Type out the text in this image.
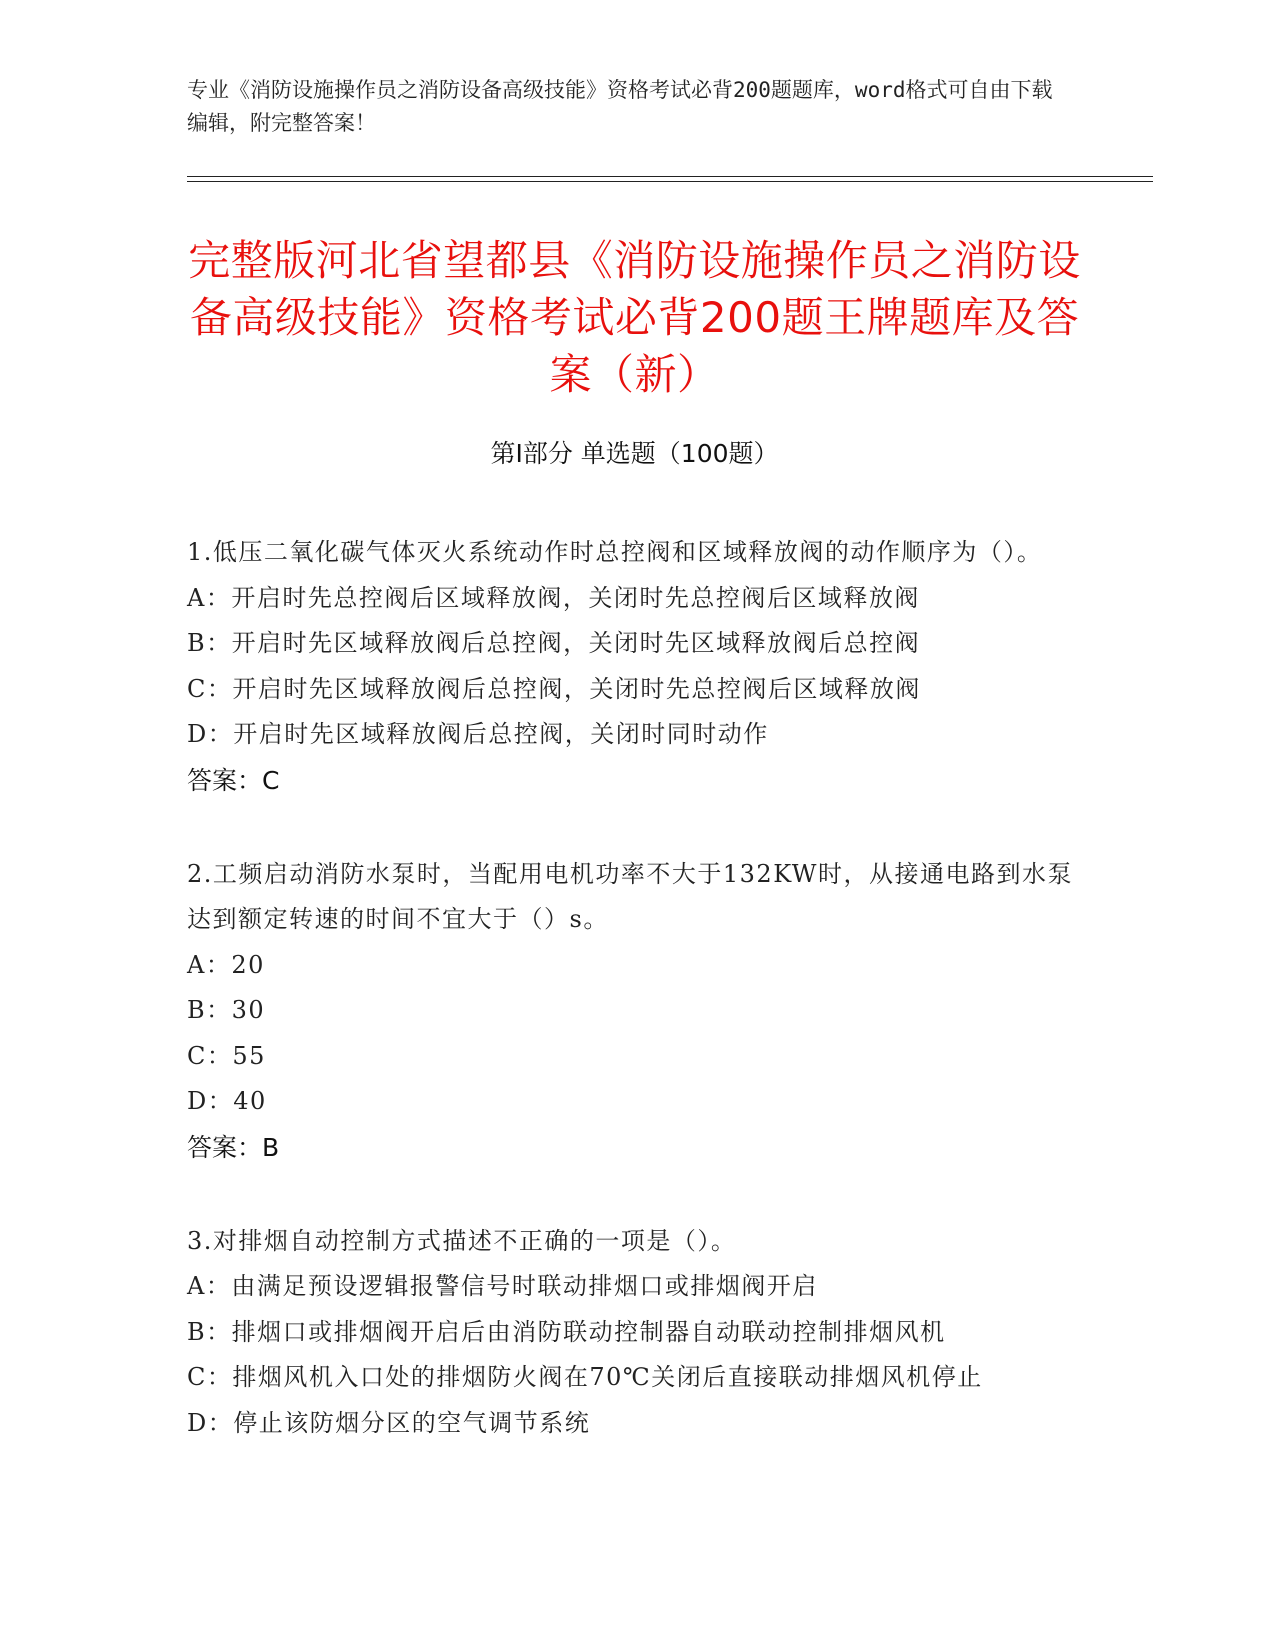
专业《消防设施操作员之消防设备高级技能》资格考试必背200题题库，word格式可自由下载编辑，附完整答案！
完整版河北省望都县《消防设施操作员之消防设备高级技能》资格考试必背200题王牌题库及答案（新）
第I部分 单选题（100题）
1.低压二氧化碳气体灭火系统动作时总控阀和区域释放阀的动作顺序为（）。
A：开启时先总控阀后区域释放阀，关闭时先总控阀后区域释放阀
B：开启时先区域释放阀后总控阀，关闭时先区域释放阀后总控阀
C：开启时先区域释放阀后总控阀，关闭时先总控阀后区域释放阀
D：开启时先区域释放阀后总控阀，关闭时同时动作
答案：C
2.工频启动消防水泵时，当配用电机功率不大于132KW时，从接通电路到水泵达到额定转速的时间不宜大于（）s。
A：20
B：30
C：55
D：40
答案：B
3.对排烟自动控制方式描述不正确的一项是（）。
A：由满足预设逻辑报警信号时联动排烟口或排烟阀开启
B：排烟口或排烟阀开启后由消防联动控制器自动联动控制排烟风机
C：排烟风机入口处的排烟防火阀在70℃关闭后直接联动排烟风机停止
D：停止该防烟分区的空气调节系统
